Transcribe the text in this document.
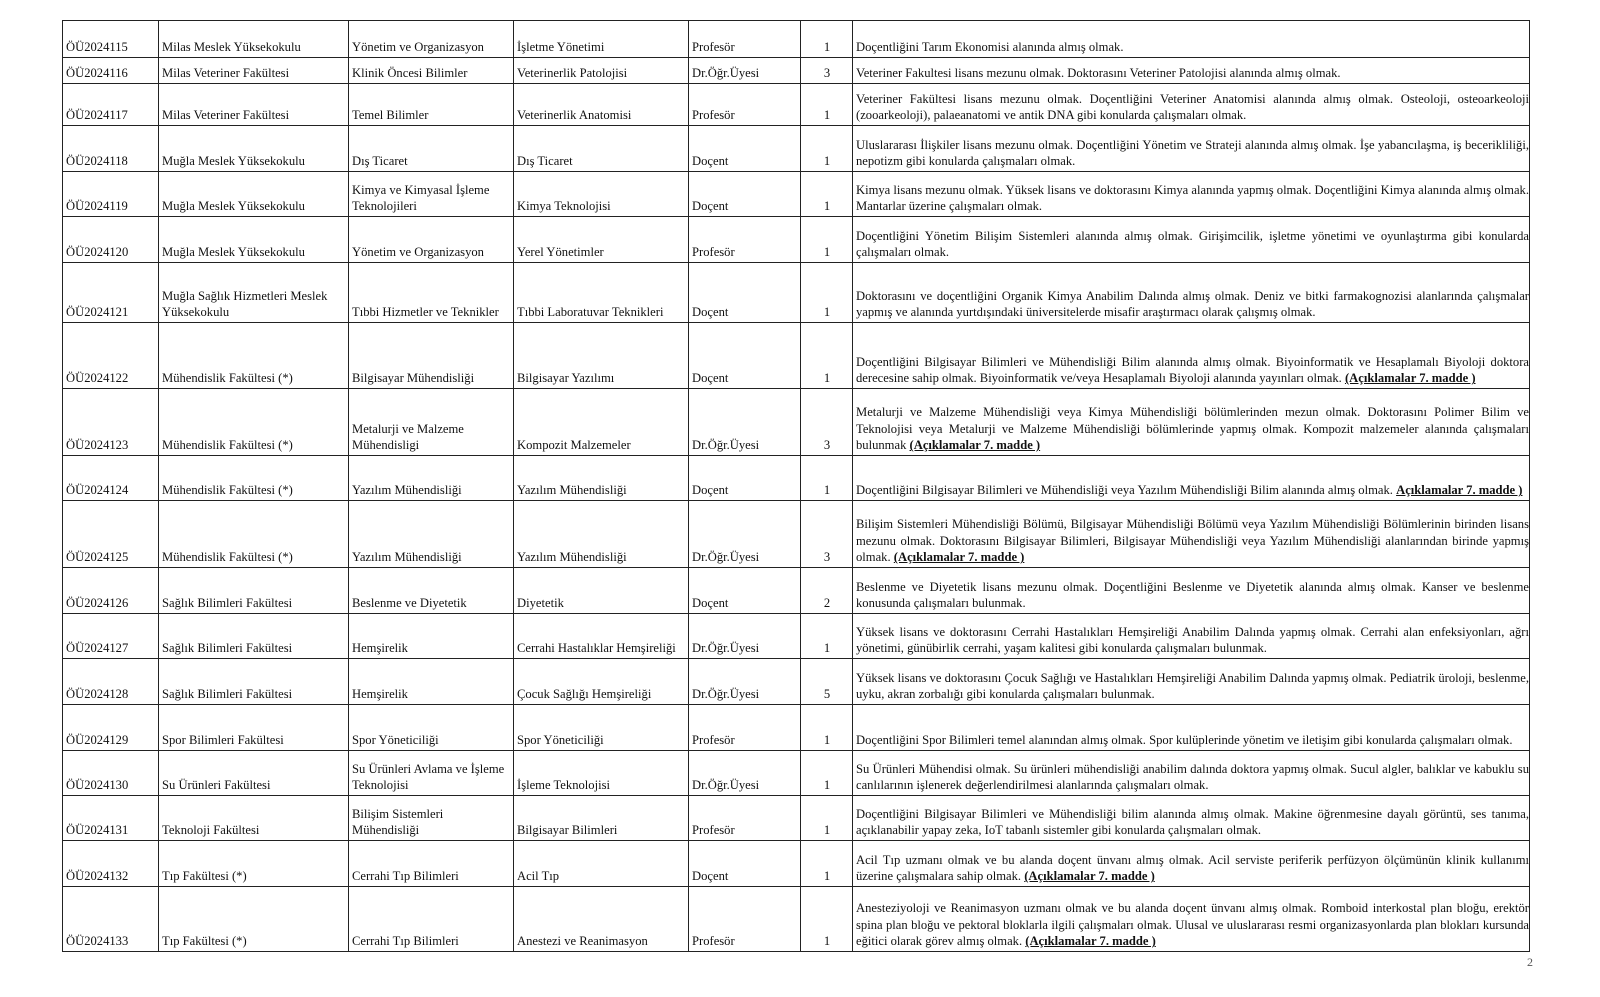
ÖÜ2024115	Milas Meslek Yüksekokulu	Yönetim ve Organizasyon	İşletme Yönetimi	Profesör	1	Doçentliğini Tarım Ekonomisi alanında almış olmak.
ÖÜ2024116	Milas Veteriner Fakültesi	Klinik Öncesi Bilimler	Veterinerlik Patolojisi	Dr.Öğr.Üyesi	3	Veteriner Fakultesi lisans mezunu olmak. Doktorasını Veteriner Patolojisi alanında almış olmak.
ÖÜ2024117	Milas Veteriner Fakültesi	Temel Bilimler	Veterinerlik Anatomisi	Profesör	1	Veteriner Fakültesi lisans mezunu olmak. Doçentliğini Veteriner Anatomisi alanında almış olmak. Osteoloji, osteoarkeoloji (zooarkeoloji), palaeanatomi ve antik DNA gibi konularda çalışmaları olmak.
ÖÜ2024118	Muğla Meslek Yüksekokulu	Dış Ticaret	Dış Ticaret	Doçent	1	Uluslararası İlişkiler lisans mezunu olmak. Doçentliğini Yönetim ve Strateji alanında almış olmak. İşe yabancılaşma, iş becerikliliği, nepotizm gibi konularda çalışmaları olmak.
ÖÜ2024119	Muğla Meslek Yüksekokulu	Kimya ve Kimyasal İşleme Teknolojileri	Kimya Teknolojisi	Doçent	1	Kimya lisans mezunu olmak. Yüksek lisans ve doktorasını Kimya alanında yapmış olmak. Doçentliğini Kimya alanında almış olmak. Mantarlar üzerine çalışmaları olmak.
ÖÜ2024120	Muğla Meslek Yüksekokulu	Yönetim ve Organizasyon	Yerel Yönetimler	Profesör	1	Doçentliğini Yönetim Bilişim Sistemleri alanında almış olmak. Girişimcilik, işletme yönetimi ve oyunlaştırma gibi konularda çalışmaları olmak.
ÖÜ2024121	Muğla Sağlık Hizmetleri Meslek Yüksekokulu	Tıbbi Hizmetler ve Teknikler	Tıbbi Laboratuvar Teknikleri	Doçent	1	Doktorasını ve doçentliğini Organik Kimya Anabilim Dalında almış olmak. Deniz ve bitki farmakognozisi alanlarında çalışmalar yapmış ve alanında yurtdışındaki üniversitelerde misafir araştırmacı olarak çalışmış olmak.
ÖÜ2024122	Mühendislik Fakültesi (*)	Bilgisayar Mühendisliği	Bilgisayar Yazılımı	Doçent	1	Doçentliğini Bilgisayar Bilimleri ve Mühendisliği Bilim alanında almış olmak. Biyoinformatik ve Hesaplamalı Biyoloji doktora derecesine sahip olmak. Biyoinformatik ve/veya Hesaplamalı Biyoloji alanında yayınları olmak. (Açıklamalar 7. madde )
ÖÜ2024123	Mühendislik Fakültesi (*)	Metalurji ve Malzeme Mühendisligi	Kompozit Malzemeler	Dr.Öğr.Üyesi	3	Metalurji ve Malzeme Mühendisliği veya Kimya Mühendisliği bölümlerinden mezun olmak. Doktorasını Polimer Bilim ve Teknolojisi veya Metalurji ve Malzeme Mühendisliği bölümlerinde yapmış olmak. Kompozit malzemeler alanında çalışmaları bulunmak (Açıklamalar 7. madde )
ÖÜ2024124	Mühendislik Fakültesi (*)	Yazılım Mühendisliği	Yazılım Mühendisliği	Doçent	1	Doçentliğini Bilgisayar Bilimleri ve Mühendisliği veya Yazılım Mühendisliği Bilim alanında almış olmak. Açıklamalar 7. madde )
ÖÜ2024125	Mühendislik Fakültesi (*)	Yazılım Mühendisliği	Yazılım Mühendisliği	Dr.Öğr.Üyesi	3	Bilişim Sistemleri Mühendisliği Bölümü, Bilgisayar Mühendisliği Bölümü veya Yazılım Mühendisliği Bölümlerinin birinden lisans mezunu olmak. Doktorasını Bilgisayar Bilimleri, Bilgisayar Mühendisliği veya Yazılım Mühendisliği alanlarından birinde yapmış olmak. (Açıklamalar 7. madde )
ÖÜ2024126	Sağlık Bilimleri Fakültesi	Beslenme ve Diyetetik	Diyetetik	Doçent	2	Beslenme ve Diyetetik lisans mezunu olmak. Doçentliğini Beslenme ve Diyetetik alanında almış olmak. Kanser ve beslenme konusunda çalışmaları bulunmak.
ÖÜ2024127	Sağlık Bilimleri Fakültesi	Hemşirelik	Cerrahi Hastalıklar Hemşireliği	Dr.Öğr.Üyesi	1	Yüksek lisans ve doktorasını Cerrahi Hastalıkları Hemşireliği Anabilim Dalında yapmış olmak. Cerrahi alan enfeksiyonları, ağrı yönetimi, günübirlik cerrahi, yaşam kalitesi gibi konularda çalışmaları bulunmak.
ÖÜ2024128	Sağlık Bilimleri Fakültesi	Hemşirelik	Çocuk Sağlığı Hemşireliği	Dr.Öğr.Üyesi	5	Yüksek lisans ve doktorasını Çocuk Sağlığı ve Hastalıkları Hemşireliği Anabilim Dalında yapmış olmak. Pediatrik üroloji, beslenme, uyku, akran zorbalığı gibi konularda çalışmaları bulunmak.
ÖÜ2024129	Spor Bilimleri Fakültesi	Spor Yöneticiliği	Spor Yöneticiliği	Profesör	1	Doçentliğini Spor Bilimleri temel alanından almış olmak. Spor kulüplerinde yönetim ve iletişim gibi konularda çalışmaları olmak.
ÖÜ2024130	Su Ürünleri Fakültesi	Su Ürünleri Avlama ve İşleme Teknolojisi	İşleme Teknolojisi	Dr.Öğr.Üyesi	1	Su Ürünleri Mühendisi olmak. Su ürünleri mühendisliği anabilim dalında doktora yapmış olmak. Sucul algler, balıklar ve kabuklu su canlılarının işlenerek değerlendirilmesi alanlarında çalışmaları olmak.
ÖÜ2024131	Teknoloji Fakültesi	Bilişim Sistemleri Mühendisliği	Bilgisayar Bilimleri	Profesör	1	Doçentliğini Bilgisayar Bilimleri ve Mühendisliği bilim alanında almış olmak. Makine öğrenmesine dayalı görüntü, ses tanıma, açıklanabilir yapay zeka, IoT tabanlı sistemler gibi konularda çalışmaları olmak.
ÖÜ2024132	Tıp Fakültesi (*)	Cerrahi Tıp Bilimleri	Acil Tıp	Doçent	1	Acil Tıp uzmanı olmak ve bu alanda doçent ünvanı almış olmak. Acil serviste periferik perfüzyon ölçümünün klinik kullanımı üzerine çalışmalara sahip olmak. (Açıklamalar 7. madde )
ÖÜ2024133	Tıp Fakültesi (*)	Cerrahi Tıp Bilimleri	Anestezi ve Reanimasyon	Profesör	1	Anesteziyoloji ve Reanimasyon uzmanı olmak ve bu alanda doçent ünvanı almış olmak. Romboid interkostal plan bloğu, erektör spina plan bloğu ve pektoral bloklarla ilgili çalışmaları olmak. Ulusal ve uluslararası resmi organizasyonlarda plan blokları kursunda eğitici olarak görev almış olmak. (Açıklamalar 7. madde )
2
